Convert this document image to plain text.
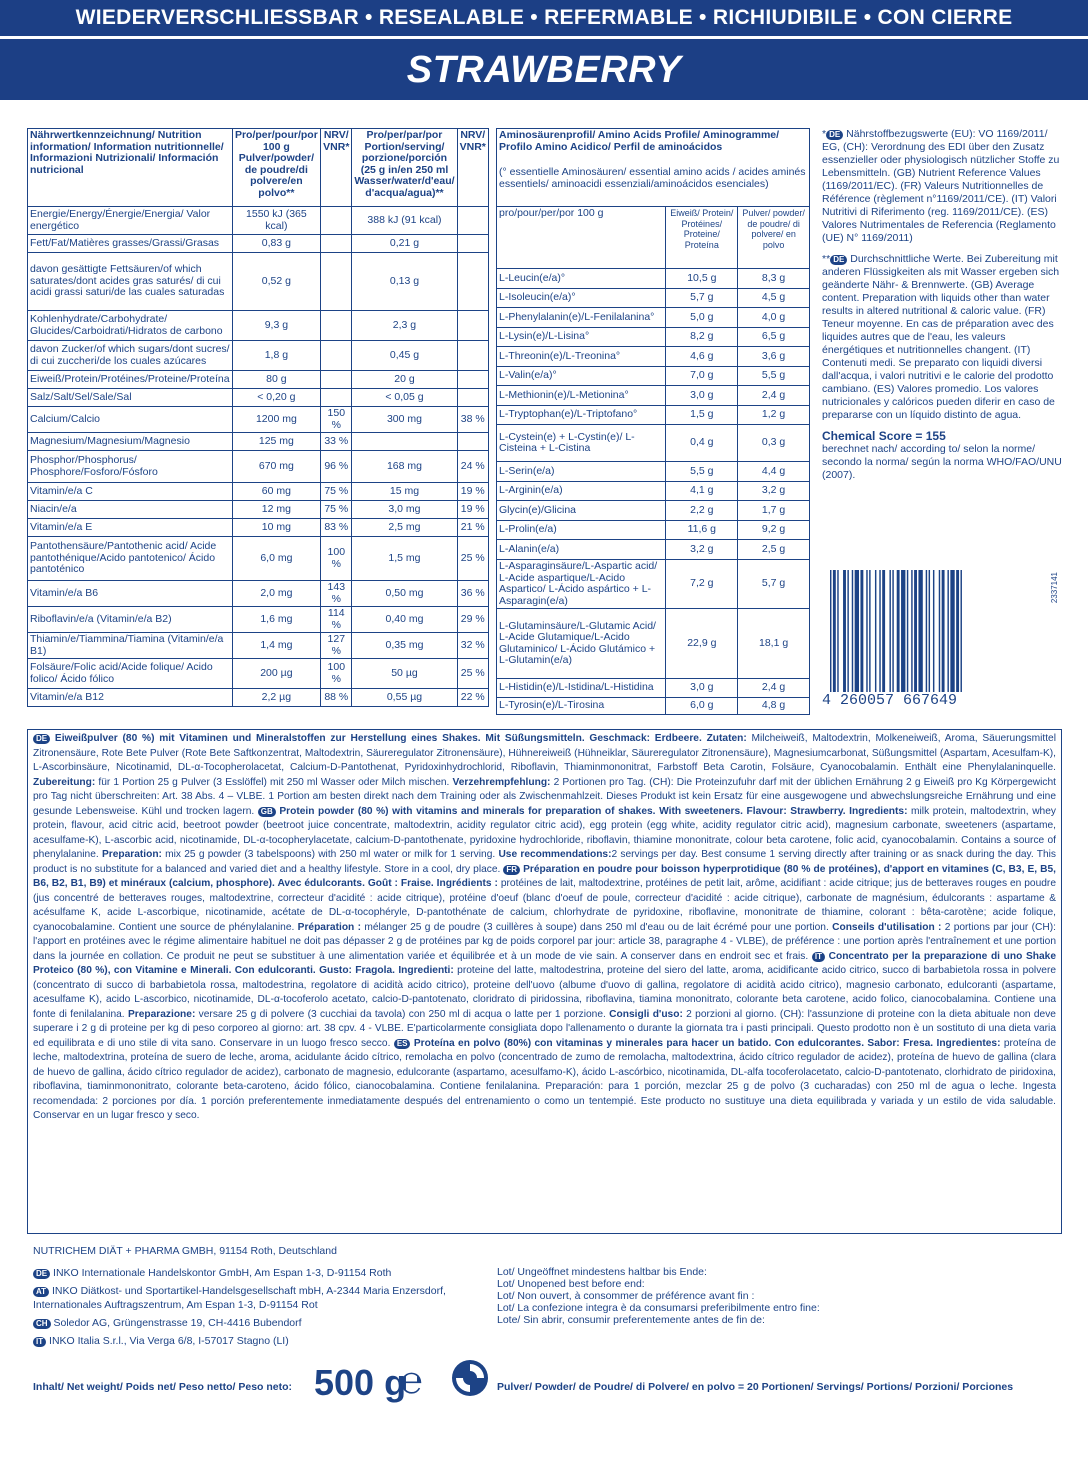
WIEDERVERSCHLIESSBAR • RESEALABLE • REFERMABLE • RICHIUDIBILE • CON CIERRE
STRAWBERRY
Nährwertkennzeichnung/ Nutrition information/ Information nutritionnelle/ Informazioni Nutrizionali/ Información nutricional	Pro/per/pour/por 100 g Pulver/powder/ de poudre/di polvere/en polvo**	NRV/ VNR*	Pro/per/par/por Portion/serving/ porzione/porción (25 g in/en 250 ml Wasser/water/d'eau/ d'acqua/agua)**	NRV/ VNR*
Energie/Energy/Énergie/Energia/ Valor energético	1550 kJ (365 kcal)		388 kJ (91 kcal)	
Fett/Fat/Matières grasses/Grassi/Grasas	0,83 g		0,21 g	
davon gesättigte Fettsäuren/of which saturates/dont acides gras saturés/ di cui acidi grassi saturi/de las cuales saturadas	0,52 g		0,13 g	
Kohlenhydrate/Carbohydrate/ Glucides/Carboidrati/Hidratos de carbono	9,3 g		2,3 g	
davon Zucker/of which sugars/dont sucres/ di cui zuccheri/de los cuales azúcares	1,8 g		0,45 g	
Eiweiß/Protein/Protéines/Proteine/Proteína	80 g		20 g	
Salz/Salt/Sel/Sale/Sal	< 0,20 g		< 0,05 g	
Calcium/Calcio	1200 mg	150 %	300 mg	38 %
Magnesium/Magnesium/Magnesio	125 mg	33 %		
Phosphor/Phosphorus/ Phosphore/Fosforo/Fósforo	670 mg	96 %	168 mg	24 %
Vitamin/e/a C	60 mg	75 %	15 mg	19 %
Niacin/e/a	12 mg	75 %	3,0 mg	19 %
Vitamin/e/a E	10 mg	83 %	2,5 mg	21 %
Pantothensäure/Pantothenic acid/ Acide pantothénique/Acido pantotenico/ Ácido pantoténico	6,0 mg	100 %	1,5 mg	25 %
Vitamin/e/a B6	2,0 mg	143 %	0,50 mg	36 %
Riboflavin/e/a (Vitamin/e/a B2)	1,6 mg	114 %	0,40 mg	29 %
Thiamin/e/Tiammina/Tiamina (Vitamin/e/a B1)	1,4 mg	127 %	0,35 mg	32 %
Folsäure/Folic acid/Acide folique/ Acido folico/ Ácido fólico	200 µg	100 %	50 µg	25 %
Vitamin/e/a B12	2,2 µg	88 %	0,55 µg	22 %
Aminosäurenprofil/ Amino Acids Profile/ Aminogramme/ Profilo Amino Acidico/ Perfil de aminoácidos
(° essentielle Aminosäuren/ essential amino acids / acides aminés essentiels/ aminoacidi essenziali/aminoácidos esenciales)		

pro/pour/per/por 100 g	Eiweiß/ Protein/ Protéines/ Proteine/ Proteína	Pulver/ powder/ de poudre/ di polvere/ en polvo
L-Leucin(e/a)°	10,5 g	8,3 g
L-Isoleucin(e/a)°	5,7 g	4,5 g
L-Phenylalanin(e)/L-Fenilalanina°	5,0 g	4,0 g
L-Lysin(e)/L-Lisina°	8,2 g	6,5 g
L-Threonin(e)/L-Treonina°	4,6 g	3,6 g
L-Valin(e/a)°	7,0 g	5,5 g
L-Methionin(e)/L-Metionina°	3,0 g	2,4 g
L-Tryptophan(e)/L-Triptofano°	1,5 g	1,2 g
L-Cystein(e) + L-Cystin(e)/ L-Cisteina + L-Cistina	0,4 g	0,3 g
L-Serin(e/a)	5,5 g	4,4 g
L-Arginin(e/a)	4,1 g	3,2 g
Glycin(e)/Glicina	2,2 g	1,7 g
L-Prolin(e/a)	11,6 g	9,2 g
L-Alanin(e/a)	3,2 g	2,5 g
L-Asparaginsäure/L-Aspartic acid/ L-Acide aspartique/L-Acido Aspartico/ L-Ácido aspártico + L-Asparagin(e/a)	7,2 g	5,7 g
L-Glutaminsäure/L-Glutamic Acid/ L-Acide Glutamique/L-Acido Glutaminico/ L-Ácido Glutámico + L-Glutamin(e/a)	22,9 g	18,1 g
L-Histidin(e)/L-Istidina/L-Histidina	3,0 g	2,4 g
L-Tyrosin(e)/L-Tirosina	6,0 g	4,8 g

* DE Nährstoffbezugswerte (EU): VO 1169/2011/ EG, (CH): Verordnung des EDI über den Zusatz essenzieller oder physiologisch nützlicher Stoffe zu Lebensmitteln. (GB) Nutrient Reference Values (1169/2011/EC). (FR) Valeurs Nutritionnelles de Référence (règlement n°1169/2011/CE). (IT) Valori Nutritivi di Riferimento (reg. 1169/2011/CE). (ES) Valores Nutrimentales de Referencia (Reglamento (UE) N° 1169/2011)

** DE Durchschnittliche Werte. Bei Zubereitung mit anderen Flüssigkeiten als mit Wasser ergeben sich geänderte Nähr- & Brennwerte. (GB) Average content. Preparation with liquids other than water results in altered nutritional & caloric value. (FR) Teneur moyenne. En cas de préparation avec des liquides autres que de l'eau, les valeurs énergétiques et nutritionnelles changent. (IT) Contenuti medi. Se preparato con liquidi diversi dall'acqua, i valori nutritivi e le calorie del prodotto cambiano. (ES) Valores promedio. Los valores nutricionales y calóricos pueden diferir en caso de prepararse con un líquido distinto de agua.

Chemical Score = 155
berechnet nach/ according to/ selon la norme/ secondo la norma/ según la norma WHO/FAO/UNU (2007).
4 260057 667649
2337141
DE Eiweißpulver (80 %) mit Vitaminen und Mineralstoffen zur Herstellung eines Shakes. Mit Süßungsmitteln. Geschmack: Erdbeere. Zutaten: Milcheiweiß, Maltodextrin, Molkeneiweiß, Aroma, Säuerungsmittel Zitronensäure, Rote Bete Pulver (Rote Bete Saftkonzentrat, Maltodextrin, Säureregulator Zitronensäure), Hühnereiweiß (Hühneiklar, Säureregulator Zitronensäure), Magnesiumcarbonat, Süßungsmittel (Aspartam, Acesulfam-K), L-Ascorbinsäure, Nicotinamid, DL-α-Tocopherolacetat, Calcium-D-Pantothenat, Pyridoxinhydrochlorid, Riboflavin, Thiaminmononitrat, Farbstoff Beta Carotin, Folsäure, Cyanocobalamin. Enthält eine Phenylalaninquelle. Zubereitung: für 1 Portion 25 g Pulver (3 Esslöffel) mit 250 ml Wasser oder Milch mischen. Verzehrempfehlung: 2 Portionen pro Tag. (CH): Die Proteinzufuhr darf mit der üblichen Ernährung 2 g Eiweiß pro Kg Körpergewicht pro Tag nicht überschreiten: Art. 38 Abs. 4 – VLBE. 1 Portion am besten direkt nach dem Training oder als Zwischenmahlzeit. Dieses Produkt ist kein Ersatz für eine ausgewogene und abwechslungsreiche Ernährung und eine gesunde Lebensweise. Kühl und trocken lagern. GB Protein powder (80 %) with vitamins and minerals for preparation of shakes. With sweeteners. Flavour: Strawberry. Ingredients: milk protein, maltodextrin, whey protein, flavour, acid citric acid, beetroot powder (beetroot juice concentrate, maltodextrin, acidity regulator citric acid), egg protein (egg white, acidity regulator citric acid), magnesium carbonate, sweeteners (aspartame, acesulfame-K), L-ascorbic acid, nicotinamide, DL-α-tocopherylacetate, calcium-D-pantothenate, pyridoxine hydrochloride, riboflavin, thiamine mononitrate, colour beta carotene, folic acid, cyanocobalamin. Contains a source of phenylalanine. Preparation: mix 25 g powder (3 tabelspoons) with 250 ml water or milk for 1 serving. Use recommendations:2 servings per day. Best consume 1 serving directly after training or as snack during the day. This product is no substitute for a balanced and varied diet and a healthy lifestyle. Store in a cool, dry place. FR Préparation en poudre pour boisson hyperprotidique (80 % de protéines), d'apport en vitamines (C, B3, E, B5, B6, B2, B1, B9) et minéraux (calcium, phosphore). Avec édulcorants. Goût : Fraise. Ingrédients : protéines de lait, maltodextrine, protéines de petit lait, arôme, acidifiant : acide citrique; jus de betteraves rouges en poudre (jus concentré de betteraves rouges, maltodextrine, correcteur d'acidité : acide citrique), protéine d'oeuf (blanc d'oeuf de poule, correcteur d'acidité : acide citrique), carbonate de magnésium, édulcorants : aspartame & acésulfame K, acide L-ascorbique, nicotinamide, acétate de DL-α-tocophéryle, D-pantothénate de calcium, chlorhydrate de pyridoxine, riboflavine, mononitrate de thiamine, colorant : bêta-carotène; acide folique, cyanocobalamine. Contient une source de phénylalanine. Préparation : mélanger 25 g de poudre (3 cuillères à soupe) dans 250 ml d'eau ou de lait écrémé pour une portion. Conseils d'utilisation : 2 portions par jour (CH): l'apport en protéines avec le régime alimentaire habituel ne doit pas dépasser 2 g de protéines par kg de poids corporel par jour: article 38, paragraphe 4 - VLBE), de préférence : une portion après l'entraînement et une portion dans la journée en collation. Ce produit ne peut se substituer à une alimentation variée et équilibrée et à un mode de vie sain. A conserver dans en endroit sec et frais. IT Concentrato per la preparazione di uno Shake Proteico (80 %), con Vitamine e Minerali. Con edulcoranti. Gusto: Fragola. Ingredienti: proteine del latte, maltodestrina, proteine del siero del latte, aroma, acidificante acido citrico, succo di barbabietola rossa in polvere (concentrato di succo di barbabietola rossa, maltodestrina, regolatore di acidità acido citrico), proteine dell'uovo (albume d'uovo di gallina, regolatore di acidità acido citrico), magnesio carbonato, edulcoranti (aspartame, acesulfame K), acido L-ascorbico, nicotinamide, DL-α-tocoferolo acetato, calcio-D-pantotenato, cloridrato di piridossina, riboflavina, tiamina mononitrato, colorante beta carotene, acido folico, cianocobalamina. Contiene una fonte di fenilalanina. Preparazione: versare 25 g di polvere (3 cucchiai da tavola) con 250 ml di acqua o latte per 1 porzione. Consigli d'uso: 2 porzioni al giorno. (CH): l'assunzione di proteine con la dieta abituale non deve superare i 2 g di proteine per kg di peso corporeo al giorno: art. 38 cpv. 4 - VLBE. E'particolarmente consigliata dopo l'allenamento o durante la giornata tra i pasti principali. Questo prodotto non è un sostituto di una dieta varia ed equilibrata e di uno stile di vita sano. Conservare in un luogo fresco secco. ES Proteína en polvo (80%) con vitaminas y minerales para hacer un batido. Con edulcorantes. Sabor: Fresa. Ingredientes: proteína de leche, maltodextrina, proteína de suero de leche, aroma, acidulante ácido cítrico, remolacha en polvo (concentrado de zumo de remolacha, maltodextrina, ácido cítrico regulador de acidez), proteína de huevo de gallina (clara de huevo de gallina, ácido cítrico regulador de acidez), carbonato de magnesio, edulcorante (aspartamo, acesulfamo-K), ácido L-ascórbico, nicotinamida, DL-alfa tocoferolacetato, calcio-D-pantotenato, clorhidrato de piridoxina, riboflavina, tiaminmononitrato, colorante beta-caroteno, ácido fólico, cianocobalamina. Contiene fenilalanina. Preparación: para 1 porción, mezclar 25 g de polvo (3 cucharadas) con 250 ml de agua o leche. Ingesta recomendada: 2 porciones por día. 1 porción preferentemente inmediatamente después del entrenamiento o como un tentempié. Este producto no sustituye una dieta equilibrada y variada y un estilo de vida saludable. Conservar en un lugar fresco y seco.
NUTRICHEM DIÄT + PHARMA GMBH, 91154 Roth, Deutschland
DE INKO Internationale Handelskontor GmbH, Am Espan 1-3, D-91154 Roth
AT INKO Diätkost- und Sportartikel-Handelsgesellschaft mbH, A-2344 Maria Enzersdorf, Internationales Auftragszentrum, Am Espan 1-3, D-91154 Rot
CH Soledor AG, Grüngenstrasse 19, CH-4416 Bubendorf
IT INKO Italia S.r.l., Via Verga 6/8, I-57017 Stagno (LI)
Lot/ Ungeöffnet mindestens haltbar bis Ende:
Lot/ Unopened best before end:
Lot/ Non ouvert, à consommer de préférence avant fin :
Lot/ La confezione integra è da consumarsi preferibilmente entro fine:
Lote/ Sin abrir, consumir preferentemente antes de fin de:
Inhalt/ Net weight/ Poids net/ Peso netto/ Peso neto: 500 g
℮	Pulver/ Powder/ de Poudre/ di Polvere/ en polvo = 20 Portionen/ Servings/ Portions/ Porzioni/ Porciones
